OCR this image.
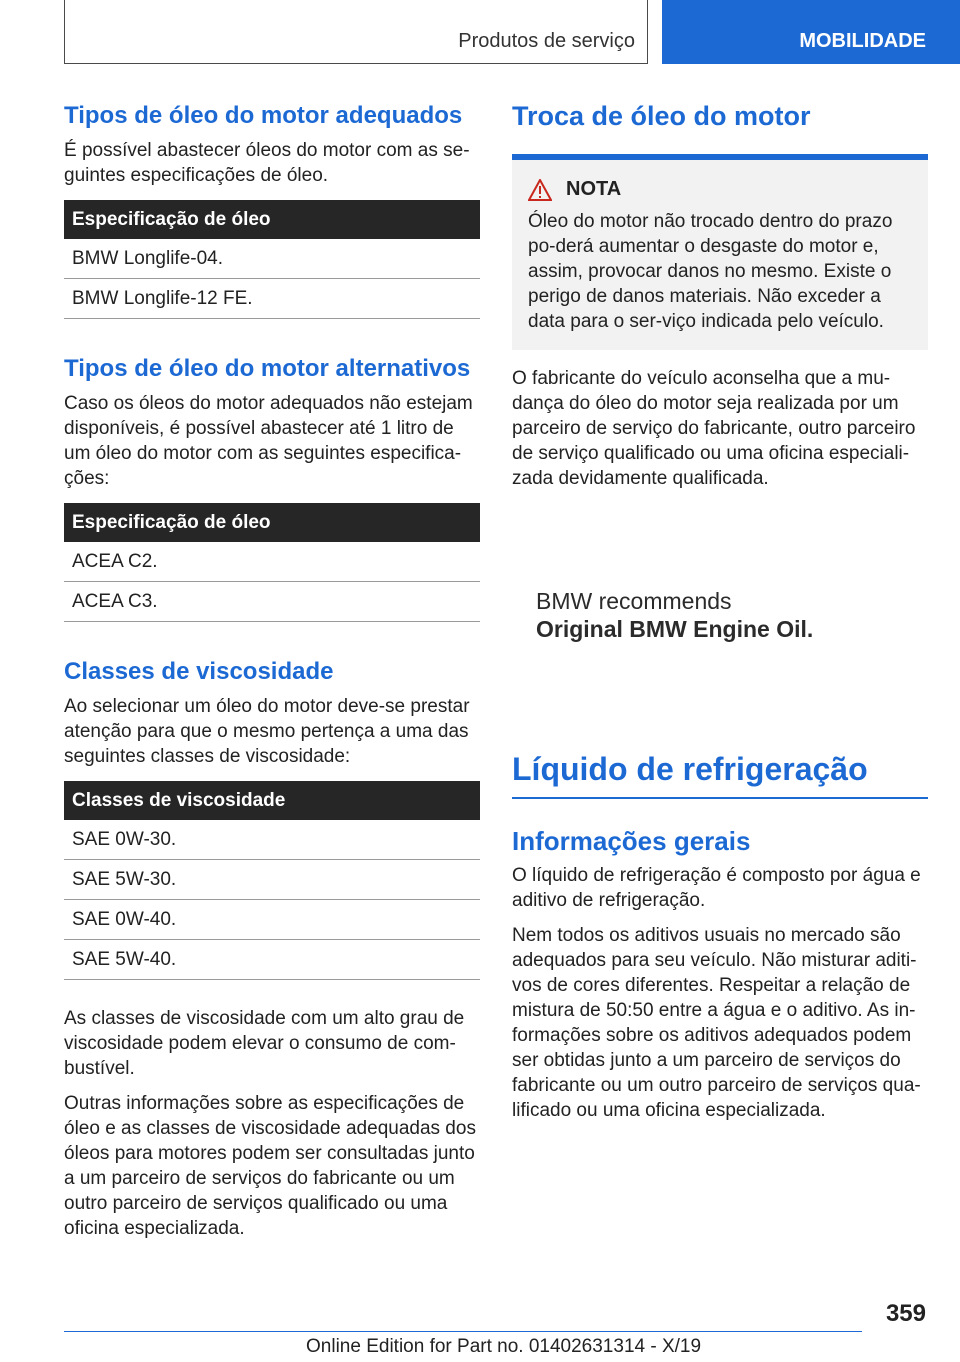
Produtos de serviço	MOBILIDADE
Tipos de óleo do motor adequados

É possível abastecer óleos do motor com as se-guintes especificações de óleo.

Especificação de óleo
BMW Longlife-04.
BMW Longlife-12 FE.
Tipos de óleo do motor alternativos

Caso os óleos do motor adequados não estejam disponíveis, é possível abastecer até 1 litro de um óleo do motor com as seguintes especifica-ções:

Especificação de óleo
ACEA C2.
ACEA C3.
Classes de viscosidade

Ao selecionar um óleo do motor deve-se prestar atenção para que o mesmo pertença a uma das seguintes classes de viscosidade:

Classes de viscosidade
SAE 0W-30.
SAE 5W-30.
SAE 0W-40.
SAE 5W-40.

As classes de viscosidade com um alto grau de viscosidade podem elevar o consumo de com-bustível.

Outras informações sobre as especificações de óleo e as classes de viscosidade adequadas dos óleos para motores podem ser consultadas junto a um parceiro de serviços do fabricante ou um outro parceiro de serviços qualificado ou uma oficina especializada.

Troca de óleo do motor
NOTA

Óleo do motor não trocado dentro do prazo po-derá aumentar o desgaste do motor e, assim, provocar danos no mesmo. Existe o perigo de danos materiais. Não exceder a data para o ser-viço indicada pelo veículo.

O fabricante do veículo aconselha que a mu-dança do óleo do motor seja realizada por um parceiro de serviço do fabricante, outro parceiro de serviço qualificado ou uma oficina especiali-zada devidamente qualificada.

BMW recommends
Original BMW Engine Oil.
Líquido de refrigeração
Informações gerais

O líquido de refrigeração é composto por água e aditivo de refrigeração.

Nem todos os aditivos usuais no mercado são adequados para seu veículo. Não misturar aditi-vos de cores diferentes. Respeitar a relação de mistura de 50:50 entre a água e o aditivo. As in-formações sobre os aditivos adequados podem ser obtidas junto a um parceiro de serviços do fabricante ou um outro parceiro de serviços qua-lificado ou uma oficina especializada.

359
Online Edition for Part no. 01402631314 - X/19
